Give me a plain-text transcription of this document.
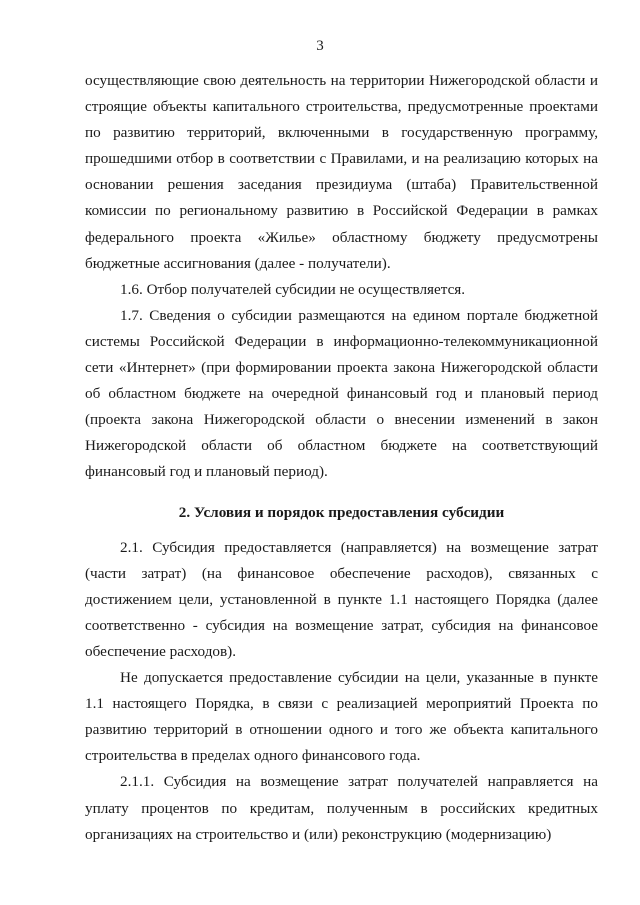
3

осуществляющие свою деятельность на территории Нижегородской области и строящие объекты капитального строительства, предусмотренные проектами по развитию территорий, включенными в государственную программу, прошедшими отбор в соответствии с Правилами, и на реализацию которых на основании решения заседания президиума (штаба) Правительственной комиссии по региональному развитию в Российской Федерации в рамках федерального проекта «Жилье» областному бюджету предусмотрены бюджетные ассигнования (далее - получатели).

1.6. Отбор получателей субсидии не осуществляется.

1.7. Сведения о субсидии размещаются на едином портале бюджетной системы Российской Федерации в информационно-телекоммуникационной сети «Интернет» (при формировании проекта закона Нижегородской области об областном бюджете на очередной финансовый год и плановый период (проекта закона Нижегородской области о внесении изменений в закон Нижегородской области об областном бюджете на соответствующий финансовый год и плановый период).

2. Условия и порядок предоставления субсидии

2.1. Субсидия предоставляется (направляется) на возмещение затрат (части затрат) (на финансовое обеспечение расходов), связанных с достижением цели, установленной в пункте 1.1 настоящего Порядка (далее соответственно - субсидия на возмещение затрат, субсидия на финансовое обеспечение расходов).

Не допускается предоставление субсидии на цели, указанные в пункте 1.1 настоящего Порядка, в связи с реализацией мероприятий Проекта по развитию территорий в отношении одного и того же объекта капитального строительства в пределах одного финансового года.

2.1.1. Субсидия на возмещение затрат получателей направляется на уплату процентов по кредитам, полученным в российских кредитных организациях на строительство и (или) реконструкцию (модернизацию)
